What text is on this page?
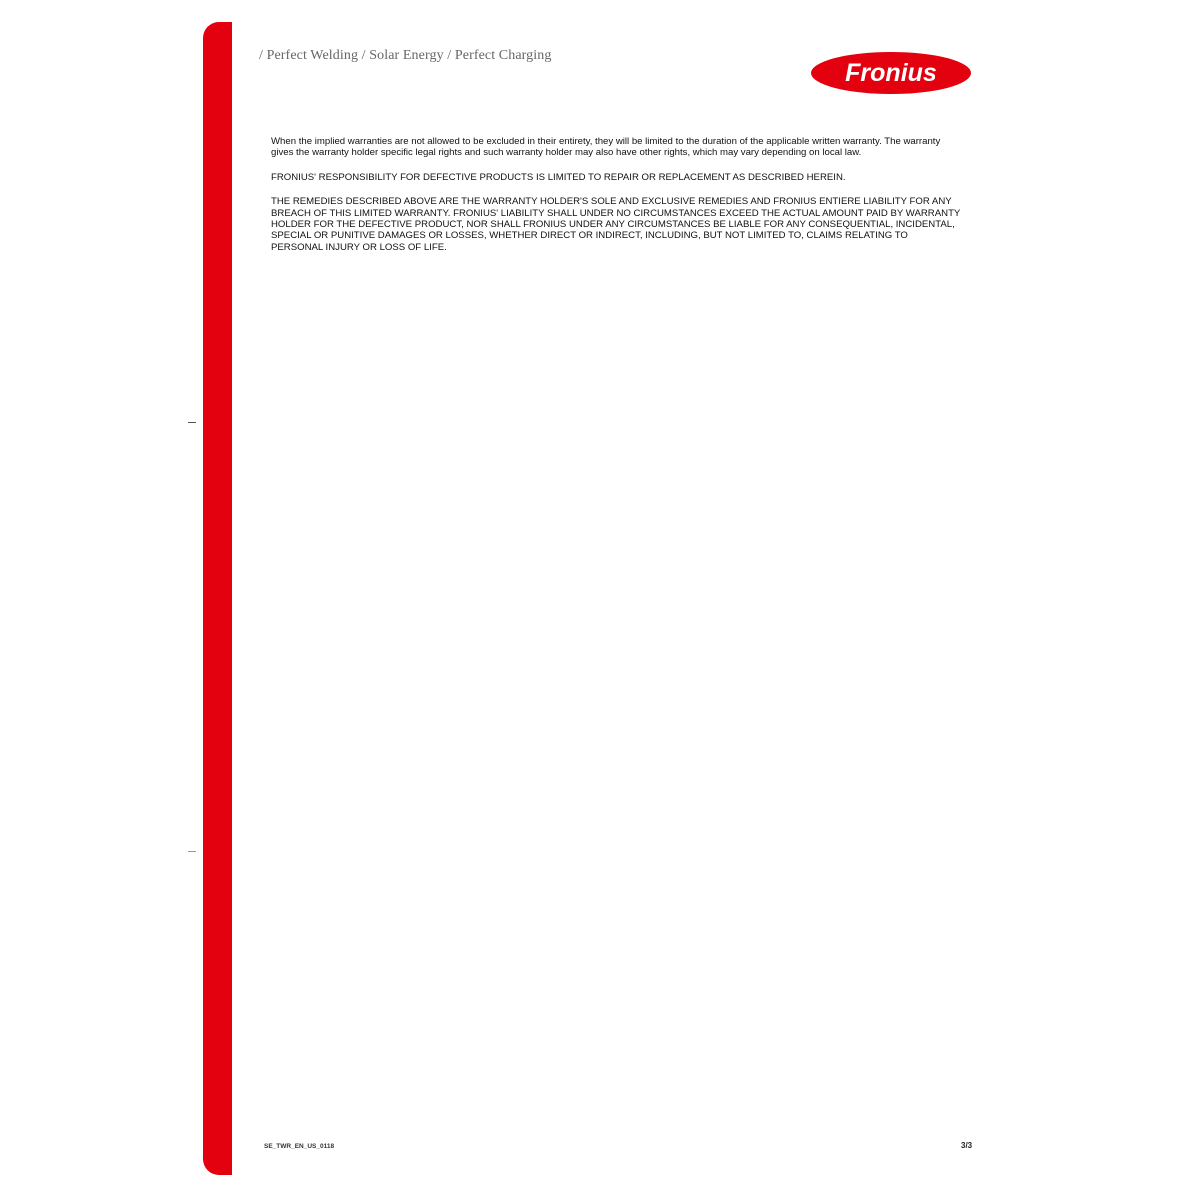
/ Perfect Welding / Solar Energy / Perfect Charging
Fronius

When the implied warranties are not allowed to be excluded in their entirety, they will be limited to the duration of the applicable written warranty. The warranty gives the warranty holder specific legal rights and such warranty holder may also have other rights, which may vary depending on local law.

FRONIUS' RESPONSIBILITY FOR DEFECTIVE PRODUCTS IS LIMITED TO REPAIR OR REPLACEMENT AS DESCRIBED HEREIN.

THE REMEDIES DESCRIBED ABOVE ARE THE WARRANTY HOLDER'S SOLE AND EXCLUSIVE REMEDIES AND FRONIUS ENTIERE LIABILITY FOR ANY BREACH OF THIS LIMITED WARRANTY. FRONIUS' LIABILITY SHALL UNDER NO CIRCUMSTANCES EXCEED THE ACTUAL AMOUNT PAID BY WARRANTY HOLDER FOR THE DEFECTIVE PRODUCT, NOR SHALL FRONIUS UNDER ANY CIRCUMSTANCES BE LIABLE FOR ANY CONSEQUENTIAL, INCIDENTAL, SPECIAL OR PUNITIVE DAMAGES OR LOSSES, WHETHER DIRECT OR INDIRECT, INCLUDING, BUT NOT LIMITED TO, CLAIMS RELATING TO PERSONAL INJURY OR LOSS OF LIFE.

SE_TWR_EN_US_0118	3/3
